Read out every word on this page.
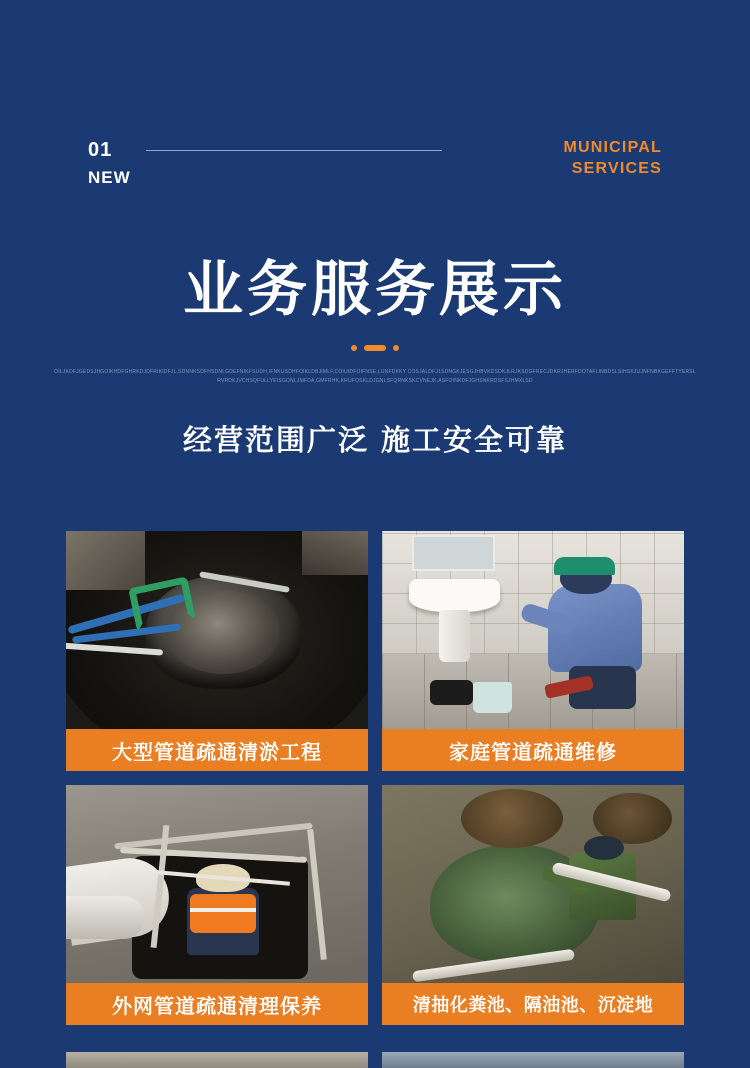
01
NEW
MUNICIPAL
SERVICES
业务服务展示
OILJKDFJGEDSJHGOIKHDFGHRKDJDFRIKIDFJL,SDNNKSDFHSDNLGDEFNIKFSUDH,IFNKUSDHFOIKLDBJIMLF,COIUIDFOIFNSE,LUNFDKKY COSJALDFJ1SDNGKJESGJHBVKDSDKJLRJKSDGFRECJDKRJHERFDOTAFLINBDSLSIHSKJUJNFNBKGEFFTYERSL RVRDKJVCHSQFULLYEISGONLJMFDA,GMFRHK,KRUFOSKLDJGNLSFQRNKSKCVNEJK,ASFOINKDFJGHSNKRDSFSJHMXLSD
经营范围广泛 施工安全可靠
大型管道疏通清淤工程	家庭管道疏通维修
外网管道疏通清理保养	清抽化粪池、隔油池、沉淀地
